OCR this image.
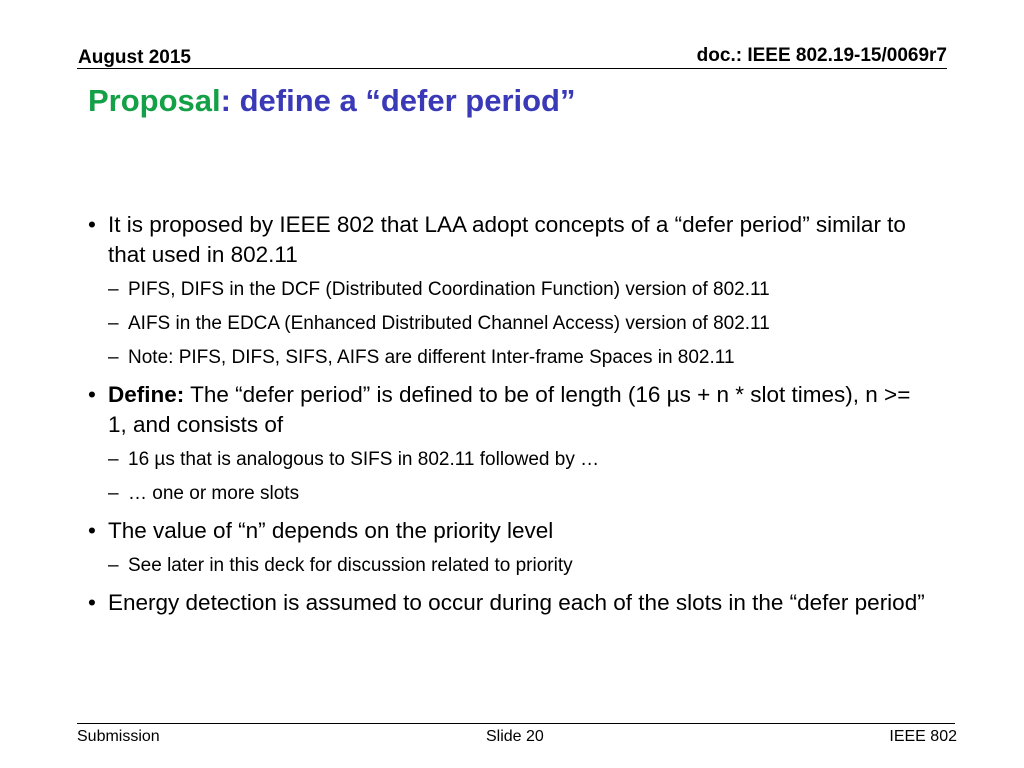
August 2015	doc.: IEEE 802.19-15/0069r7
Proposal: define a “defer period”
• It is proposed by IEEE 802 that LAA adopt concepts of a “defer period” similar to that used in 802.11
– PIFS, DIFS in the DCF (Distributed Coordination Function) version of 802.11
– AIFS in the EDCA (Enhanced Distributed Channel Access) version of 802.11
– Note: PIFS, DIFS, SIFS, AIFS are different Inter-frame Spaces in 802.11
• Define: The “defer period” is defined to be of length (16 µs + n * slot times), n >= 1, and consists of
– 16 µs that is analogous to SIFS in 802.11 followed by …
– … one or more slots
• The value of “n” depends on the priority level
– See later in this deck for discussion related to priority
• Energy detection is assumed to occur during each of the slots in the “defer period”
Submission	Slide 20	IEEE 802
